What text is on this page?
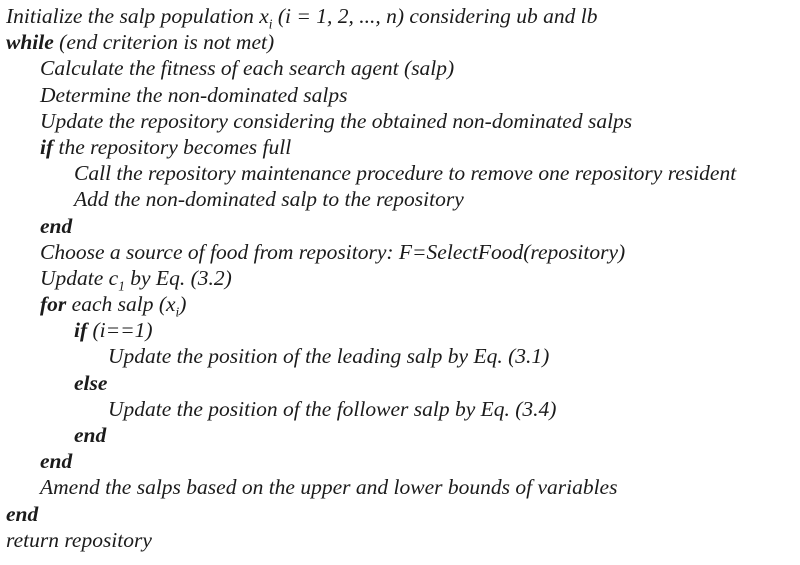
Initialize the salp population $x_i$ (i = 1, 2, ..., n) considering ub and lb
while (end criterion is not met)
Calculate the fitness of each search agent (salp)
Determine the non-dominated salps
Update the repository considering the obtained non-dominated salps
if the repository becomes full
Call the repository maintenance procedure to remove one repository resident
Add the non-dominated salp to the repository
end
Choose a source of food from repository: F=SelectFood(repository)
Update $c_1$ by Eq. (3.2)
for each salp $(x_i)$
if (i==1)
Update the position of the leading salp by Eq. (3.1)
else
Update the position of the follower salp by Eq. (3.4)
end
end
Amend the salps based on the upper and lower bounds of variables
end
return repository
